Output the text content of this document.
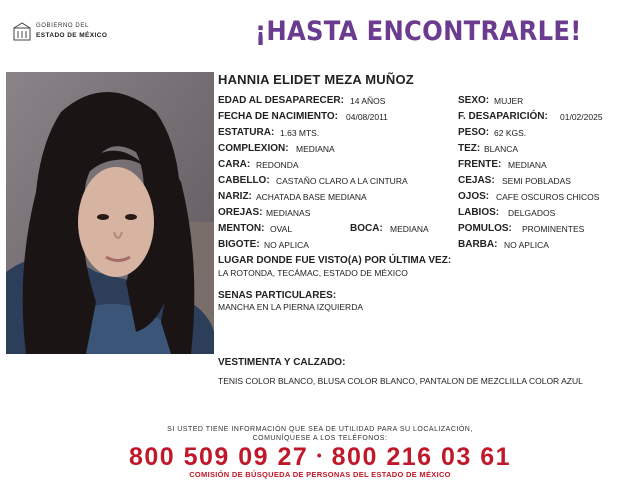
GOBIERNO DEL
ESTADO DE MÉXICO	¡HASTA ENCONTRARLE!
HANNIA ELIDET MEZA MUÑOZ
EDAD AL DESAPARECER: 14 AÑOS
FECHA DE NACIMIENTO: 04/08/2011
ESTATURA: 1.63 MTS.
COMPLEXION: MEDIANA
CARA: REDONDA
CABELLO: CASTAÑO CLARO A LA CINTURA
NARIZ: ACHATADA BASE MEDIANA
OREJAS: MEDIANAS
MENTON: OVAL	BOCA: MEDIANA
BIGOTE: NO APLICA
SEXO: MUJER
F. DESAPARICIÓN: 01/02/2025
PESO: 62 KGS.
TEZ: BLANCA
FRENTE: MEDIANA
CEJAS: SEMI POBLADAS
OJOS: CAFE OSCUROS CHICOS
LABIOS: DELGADOS
POMULOS: PROMINENTES
BARBA: NO APLICA
LUGAR DONDE FUE VISTO(A) POR ÚLTIMA VEZ:
LA ROTONDA, TECÁMAC, ESTADO DE MÉXICO
SENAS PARTICULARES:
MANCHA EN LA PIERNA IZQUIERDA
VESTIMENTA Y CALZADO:
TENIS COLOR BLANCO, BLUSA COLOR BLANCO, PANTALON DE MEZCLILLA COLOR AZUL
SI USTED TIENE INFORMACIÓN QUE SEA DE UTILIDAD PARA SU LOCALIZACIÓN,
COMUNÍQUESE A LOS TELÉFONOS:
800 509 09 27 • 800 216 03 61
COMISIÓN DE BÚSQUEDA DE PERSONAS DEL ESTADO DE MÉXICO
